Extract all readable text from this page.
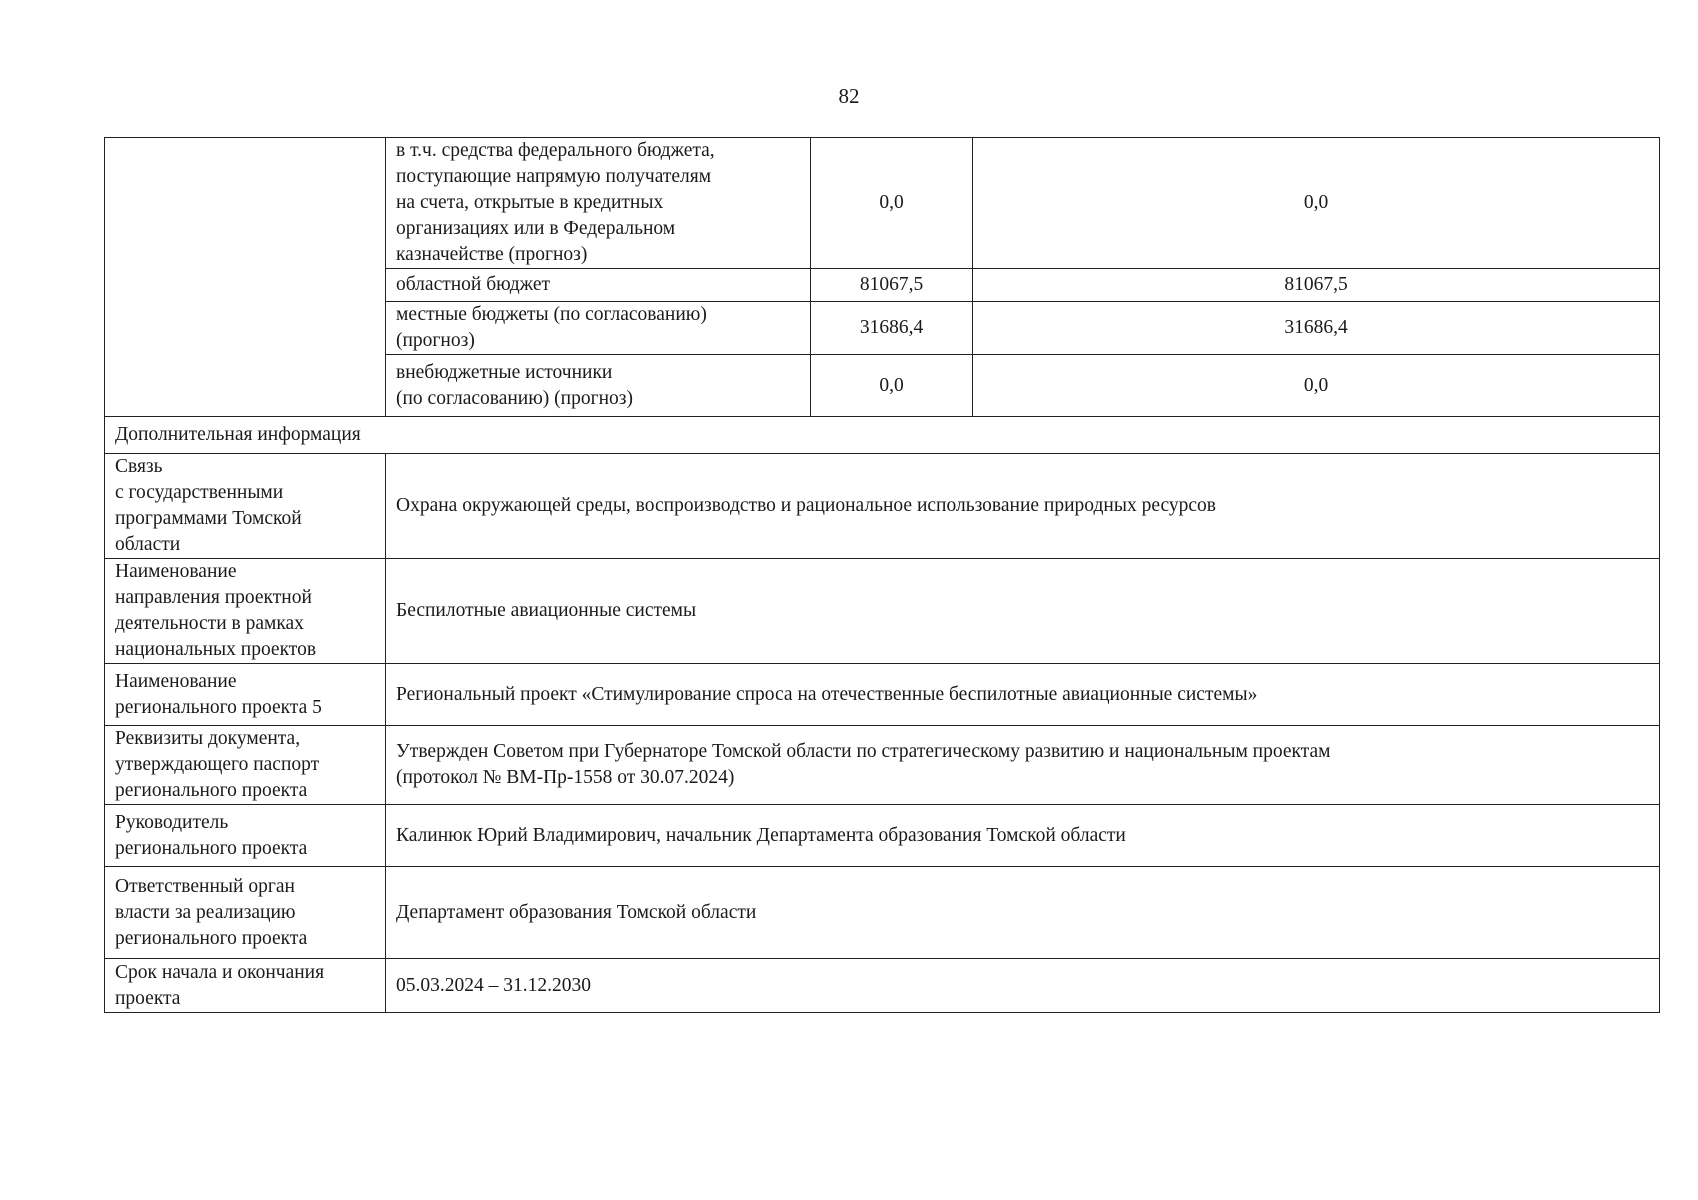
82
	в т.ч. средства федерального бюджета,
поступающие напрямую получателям
на счета, открытые в кредитных
организациях или в Федеральном
казначействе (прогноз)	0,0	0,0
	областной бюджет	81067,5	81067,5
	местные бюджеты (по согласованию)
(прогноз)	31686,4	31686,4
	внебюджетные источники
(по согласованию) (прогноз)	0,0	0,0
Дополнительная информация			
Связь
с государственными
программами Томской
области	Охрана окружающей среды, воспроизводство и рациональное использование природных ресурсов		
Наименование
направления проектной
деятельности в рамках
национальных проектов	Беспилотные авиационные системы		
Наименование
регионального проекта 5	Региональный проект «Стимулирование спроса на отечественные беспилотные авиационные системы»		
Реквизиты документа,
утверждающего паспорт
регионального проекта	Утвержден Советом при Губернаторе Томской области по стратегическому развитию и национальным проектам
(протокол № ВМ-Пр-1558 от 30.07.2024)		
Руководитель
регионального проекта	Калинюк Юрий Владимирович, начальник Департамента образования Томской области		
Ответственный орган
власти за реализацию
регионального проекта	Департамент образования Томской области		
Срок начала и окончания
проекта	05.03.2024 – 31.12.2030		
